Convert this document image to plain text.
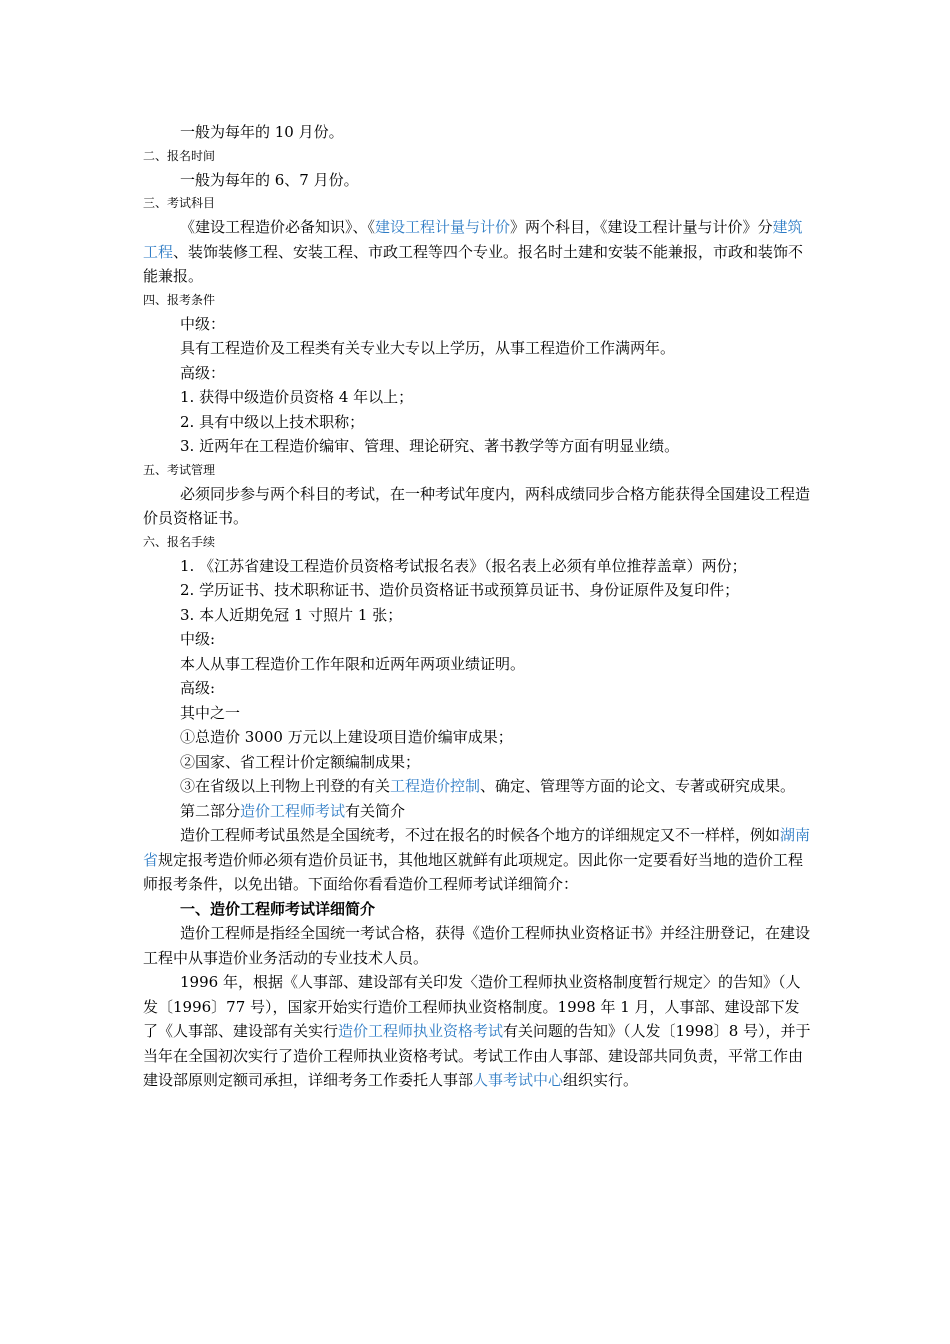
一般为每年的 10 月份。

二、报名时间

一般为每年的 6、7 月份。

三、考试科目

《建设工程造价必备知识》、《建设工程计量与计价》两个科目，《建设工程计量与计价》分建筑工程、装饰装修工程、安装工程、市政工程等四个专业。报名时土建和安装不能兼报，市政和装饰不能兼报。

四、报考条件

中级：

具有工程造价及工程类有关专业大专以上学历，从事工程造价工作满两年。

高级：

1. 获得中级造价员资格 4 年以上；

2. 具有中级以上技术职称；

3. 近两年在工程造价编审、管理、理论研究、著书教学等方面有明显业绩。

五、考试管理

必须同步参与两个科目的考试，在一种考试年度内，两科成绩同步合格方能获得全国建设工程造价员资格证书。

六、报名手续

1. 《江苏省建设工程造价员资格考试报名表》（报名表上必须有单位推荐盖章）两份；

2. 学历证书、技术职称证书、造价员资格证书或预算员证书、身份证原件及复印件；

3. 本人近期免冠 1 寸照片 1 张；

中级:

本人从事工程造价工作年限和近两年两项业绩证明。

高级:

其中之一

①总造价 3000 万元以上建设项目造价编审成果；

②国家、省工程计价定额编制成果；

③在省级以上刊物上刊登的有关工程造价控制、确定、管理等方面的论文、专著或研究成果。

第二部分造价工程师考试有关简介

造价工程师考试虽然是全国统考，不过在报名的时候各个地方的详细规定又不一样样，例如湖南省规定报考造价师必须有造价员证书，其他地区就鲜有此项规定。因此你一定要看好当地的造价工程师报考条件，以免出错。下面给你看看造价工程师考试详细简介：

一、造价工程师考试详细简介

造价工程师是指经全国统一考试合格，获得《造价工程师执业资格证书》并经注册登记，在建设工程中从事造价业务活动的专业技术人员。

1996 年，根据《人事部、建设部有关印发〈造价工程师执业资格制度暂行规定〉的告知》（人发〔1996〕77 号），国家开始实行造价工程师执业资格制度。1998 年 1 月，人事部、建设部下发了《人事部、建设部有关实行造价工程师执业资格考试有关问题的告知》（人发〔1998〕8 号），并于当年在全国初次实行了造价工程师执业资格考试。考试工作由人事部、建设部共同负责，平常工作由建设部原则定额司承担，详细考务工作委托人事部人事考试中心组织实行。
